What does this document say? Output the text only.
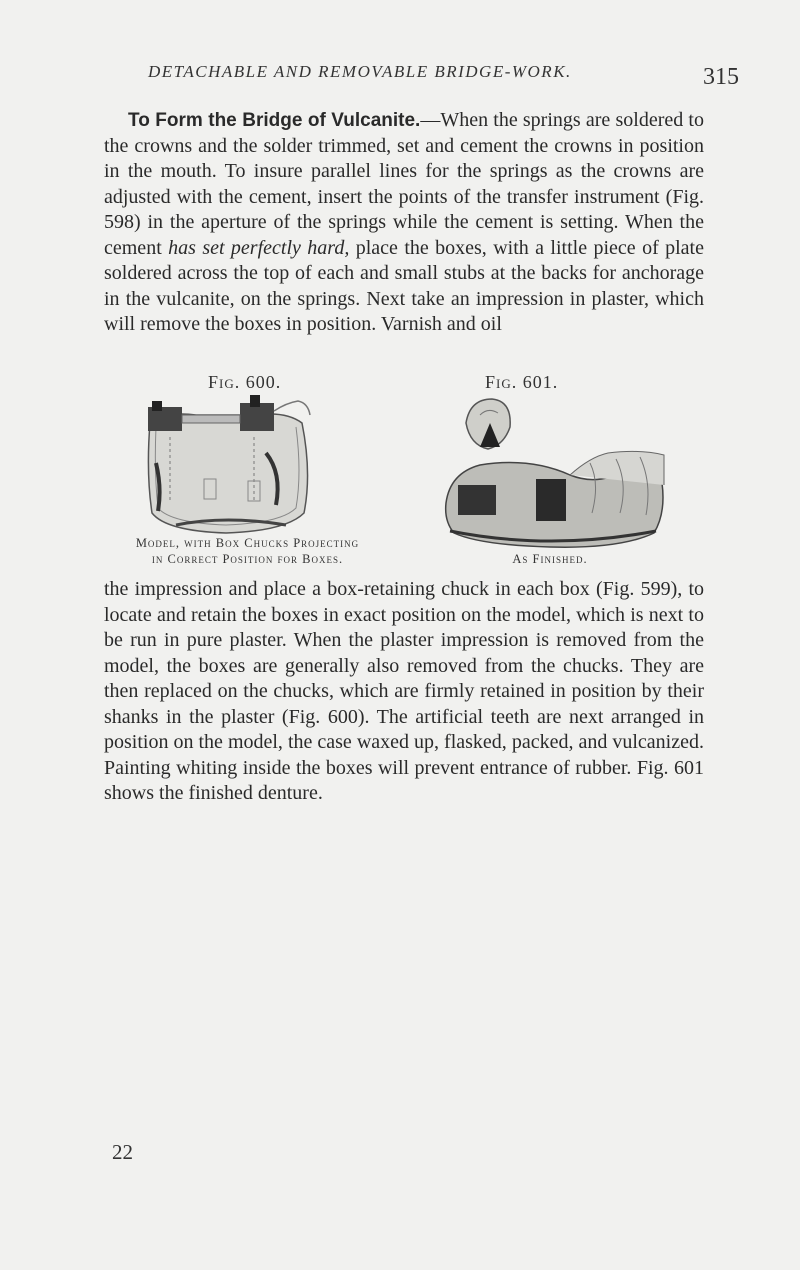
DETACHABLE AND REMOVABLE BRIDGE-WORK.	315

To Form the Bridge of Vulcanite.—When the springs are soldered to the crowns and the solder trimmed, set and cement the crowns in position in the mouth. To insure parallel lines for the springs as the crowns are adjusted with the cement, insert the points of the transfer instrument (Fig. 598) in the aperture of the springs while the cement is setting. When the cement has set perfectly hard, place the boxes, with a little piece of plate soldered across the top of each and small stubs at the backs for anchorage in the vulcanite, on the springs. Next take an impression in plaster, which will remove the boxes in position. Varnish and oil

Fig. 600.	Fig. 601.
Model, with Box Chucks Projecting
in Correct Position for Boxes.	As Finished.

the impression and place a box-retaining chuck in each box (Fig. 599), to locate and retain the boxes in exact position on the model, which is next to be run in pure plaster. When the plaster impression is removed from the model, the boxes are generally also removed from the chucks. They are then replaced on the chucks, which are firmly retained in position by their shanks in the plaster (Fig. 600). The artificial teeth are next arranged in position on the model, the case waxed up, flasked, packed, and vulcanized. Painting whiting inside the boxes will prevent entrance of rubber. Fig. 601 shows the finished denture.

22
